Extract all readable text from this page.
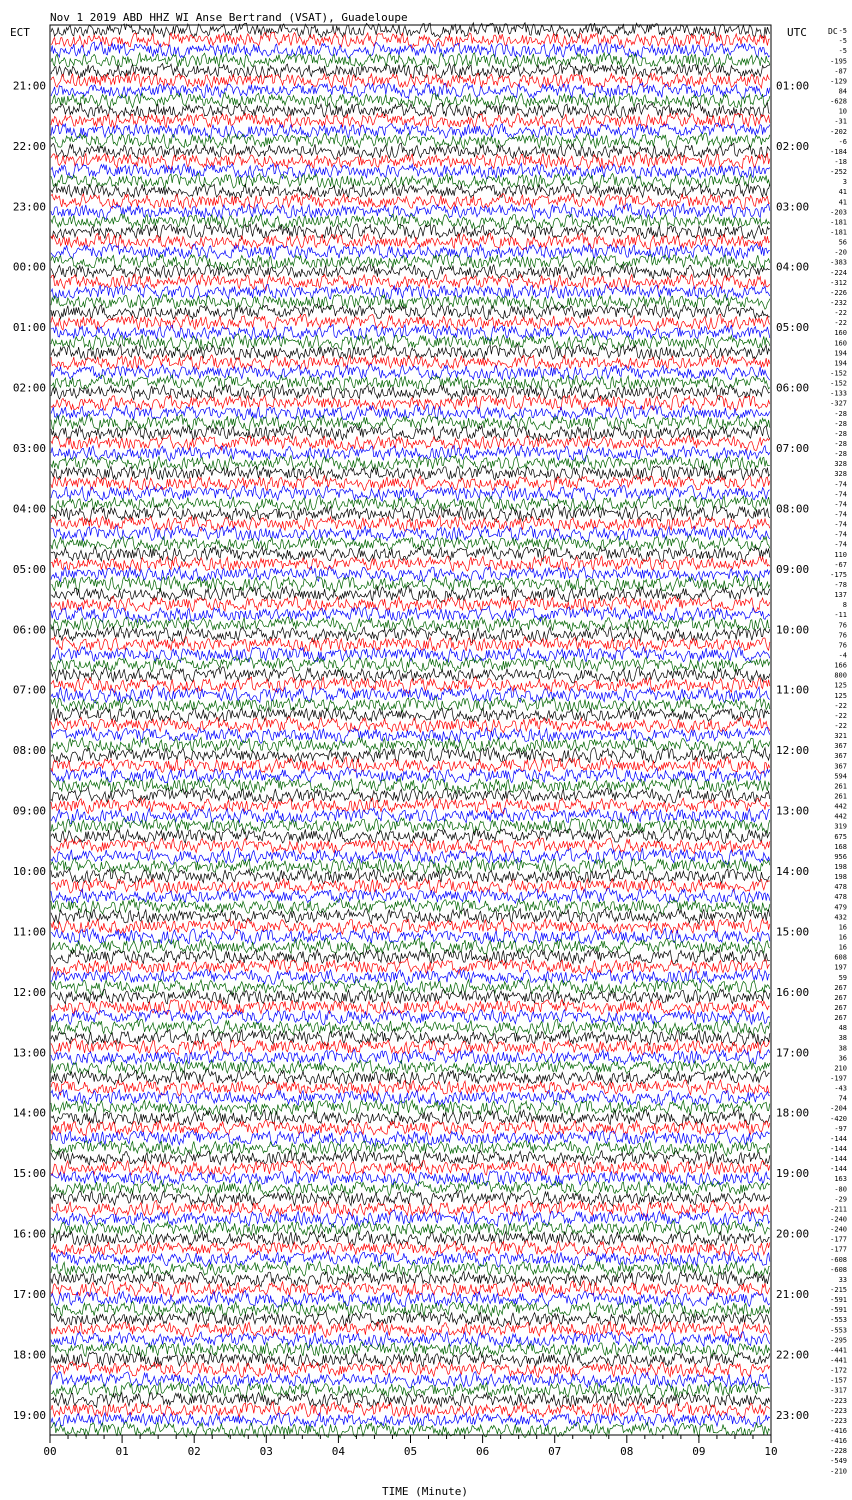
Nov 1 2019 ABD HHZ WI Anse Bertrand (VSAT), Guadeloupe
ECT	UTC	DC
21:00
22:00
23:00
00:00
01:00
02:00
03:00
04:00
05:00
06:00
07:00
08:00
09:00
10:00
11:00
12:00
13:00
14:00
15:00
16:00
17:00
18:00
19:00
01:00
02:00
03:00
04:00
05:00
06:00
07:00
08:00
09:00
10:00
11:00
12:00
13:00
14:00
15:00
16:00
17:00
18:00
19:00
20:00
21:00
22:00
23:00
-5
-5
-5
-195
-87
-129
84
-628
10
-31
-202
-6
-184
-18
-252
3
41
41
-203
-181
-181
56
-20
-383
-224
-312
-226
-232
-22
-22
160
160
194
194
-152
-152
-133
-327
-28
-28
-28
-28
-28
328
328
-74
-74
-74
-74
-74
-74
-74
110
-67
-175
-78
137
8
-11
76
76
76
-4
166
800
125
125
-22
-22
-22
321
367
367
367
594
261
261
442
442
319
675
168
956
198
198
478
478
479
432
16
16
16
608
197
59
267
267
267
267
48
38
38
36
210
-197
-43
74
-204
-420
-97
-144
-144
-144
-144
163
-80
-29
-211
-240
-240
-177
-177
-608
-608
33
-215
-591
-591
-553
-553
-295
-441
-441
-172
-157
-317
-223
-223
-223
-416
-416
-228
-549
-210
00	01	02	03	04	05	06	07	08	09	10
TIME (Minute)
